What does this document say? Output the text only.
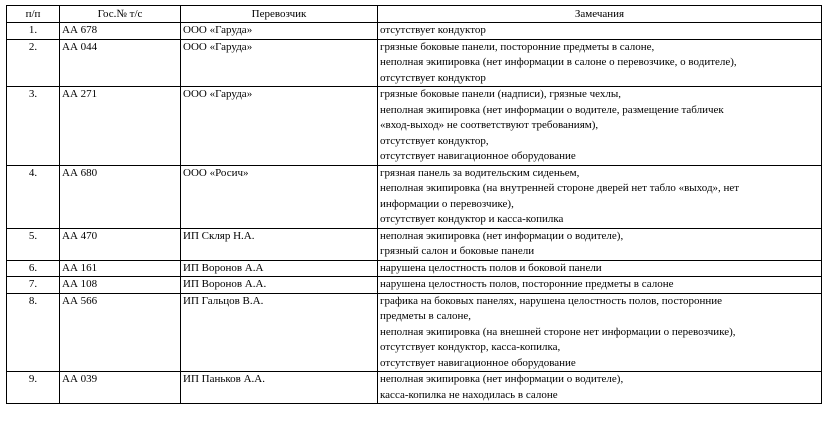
п/п	Гос.№ т/с	Перевозчик	Замечания
1.	АА 678	ООО «Гаруда»	отсутствует кондуктор

2.	АА 044	ООО «Гаруда»	грязные боковые панели, посторонние предметы в салоне,
неполная экипировка (нет информации в салоне о перевозчике, о водителе),
отсутствует кондуктор

3.	АА 271	ООО «Гаруда»	грязные боковые панели (надписи), грязные чехлы,
неполная экипировка (нет информации о водителе, размещение табличек
«вход-выход» не соответствуют требованиям),
отсутствует кондуктор,
отсутствует навигационное оборудование

4.	АА 680	ООО «Росич»	грязная панель за водительским сиденьем,
неполная экипировка (на внутренней стороне дверей нет табло «выход», нет
информации о перевозчике),
отсутствует кондуктор и касса-копилка

5.	АА 470	ИП Скляр Н.А.	неполная экипировка (нет информации о водителе),
грязный салон и боковые панели

6.	АА 161	ИП Воронов А.А	нарушена целостность полов и боковой панели

7.	АА 108	ИП Воронов А.А.	нарушена целостность полов, посторонние предметы в салоне

8.	АА 566	ИП Гальцов В.А.	графика на боковых панелях, нарушена целостность полов, посторонние
предметы в салоне,
неполная экипировка (на внешней стороне нет информации о перевозчике),
отсутствует кондуктор, касса-копилка,
отсутствует навигационное оборудование

9.	АА 039	ИП Паньков А.А.	неполная экипировка (нет информации о водителе),
касса-копилка не находилась в салоне
